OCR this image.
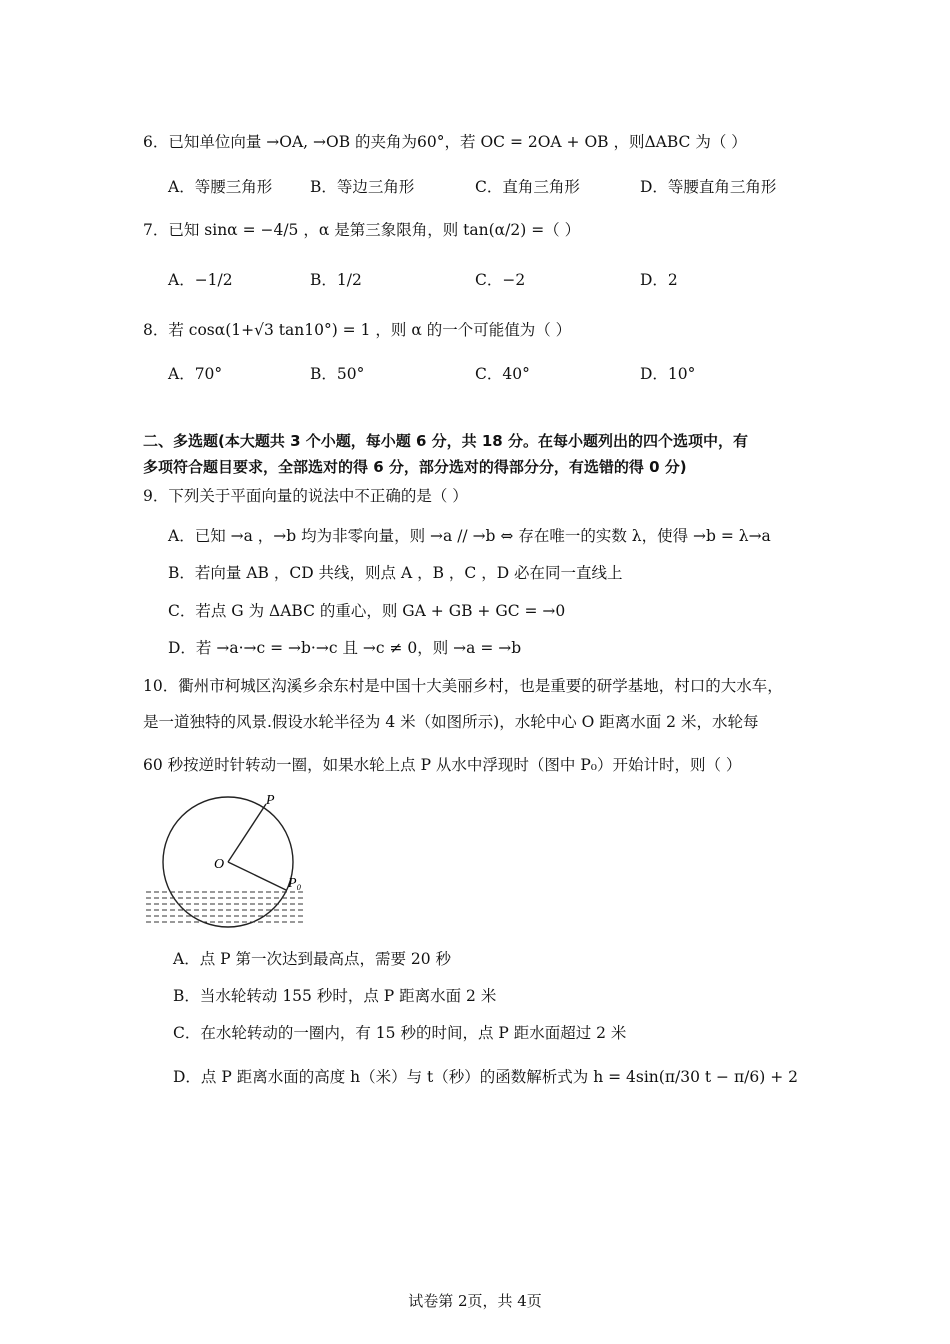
6．已知单位向量 →OA, →OB 的夹角为60°，若 OC = 2OA + OB ，则ΔABC 为（ ）
A．等腰三角形 B．等边三角形	C．直角三角形	D．等腰直角三角形
7．已知 sinα = −4/5 ，α 是第三象限角，则 tan(α/2) =（ ）
A．−1/2	B．1/2	C．−2	D．2
8．若 cosα(1+√3 tan10°) = 1 ，则 α 的一个可能值为（ ）
A．70°	B．50°	C．40°	D．10°
二、多选题(本大题共 3 个小题，每小题 6 分，共 18 分。在每小题列出的四个选项中，有
多项符合题目要求，全部选对的得 6 分，部分选对的得部分分，有选错的得 0 分)
9．下列关于平面向量的说法中不正确的是（ ）
A．已知 →a ，→b 均为非零向量，则 →a // →b ⇔ 存在唯一的实数 λ，使得 →b = λ→a
B．若向量 AB ，CD 共线，则点 A ，B ，C ，D 必在同一直线上
C．若点 G 为 ΔABC 的重心，则 GA + GB + GC = →0
D．若 →a·→c = →b·→c 且 →c ≠ 0，则 →a = →b
10．衢州市柯城区沟溪乡余东村是中国十大美丽乡村，也是重要的研学基地，村口的大水车，
是一道独特的风景.假设水轮半径为 4 米（如图所示)，水轮中心 O 距离水面 2 米，水轮每
60 秒按逆时针转动一圈，如果水轮上点 P 从水中浮现时（图中 P₀）开始计时，则（ ）
P
O
P₀
A．点 P 第一次达到最高点，需要 20 秒
B．当水轮转动 155 秒时，点 P 距离水面 2 米
C．在水轮转动的一圈内，有 15 秒的时间，点 P 距水面超过 2 米
D．点 P 距离水面的高度 h（米）与 t（秒）的函数解析式为 h = 4sin(π/30 t − π/6) + 2
试卷第 2页，共 4页
